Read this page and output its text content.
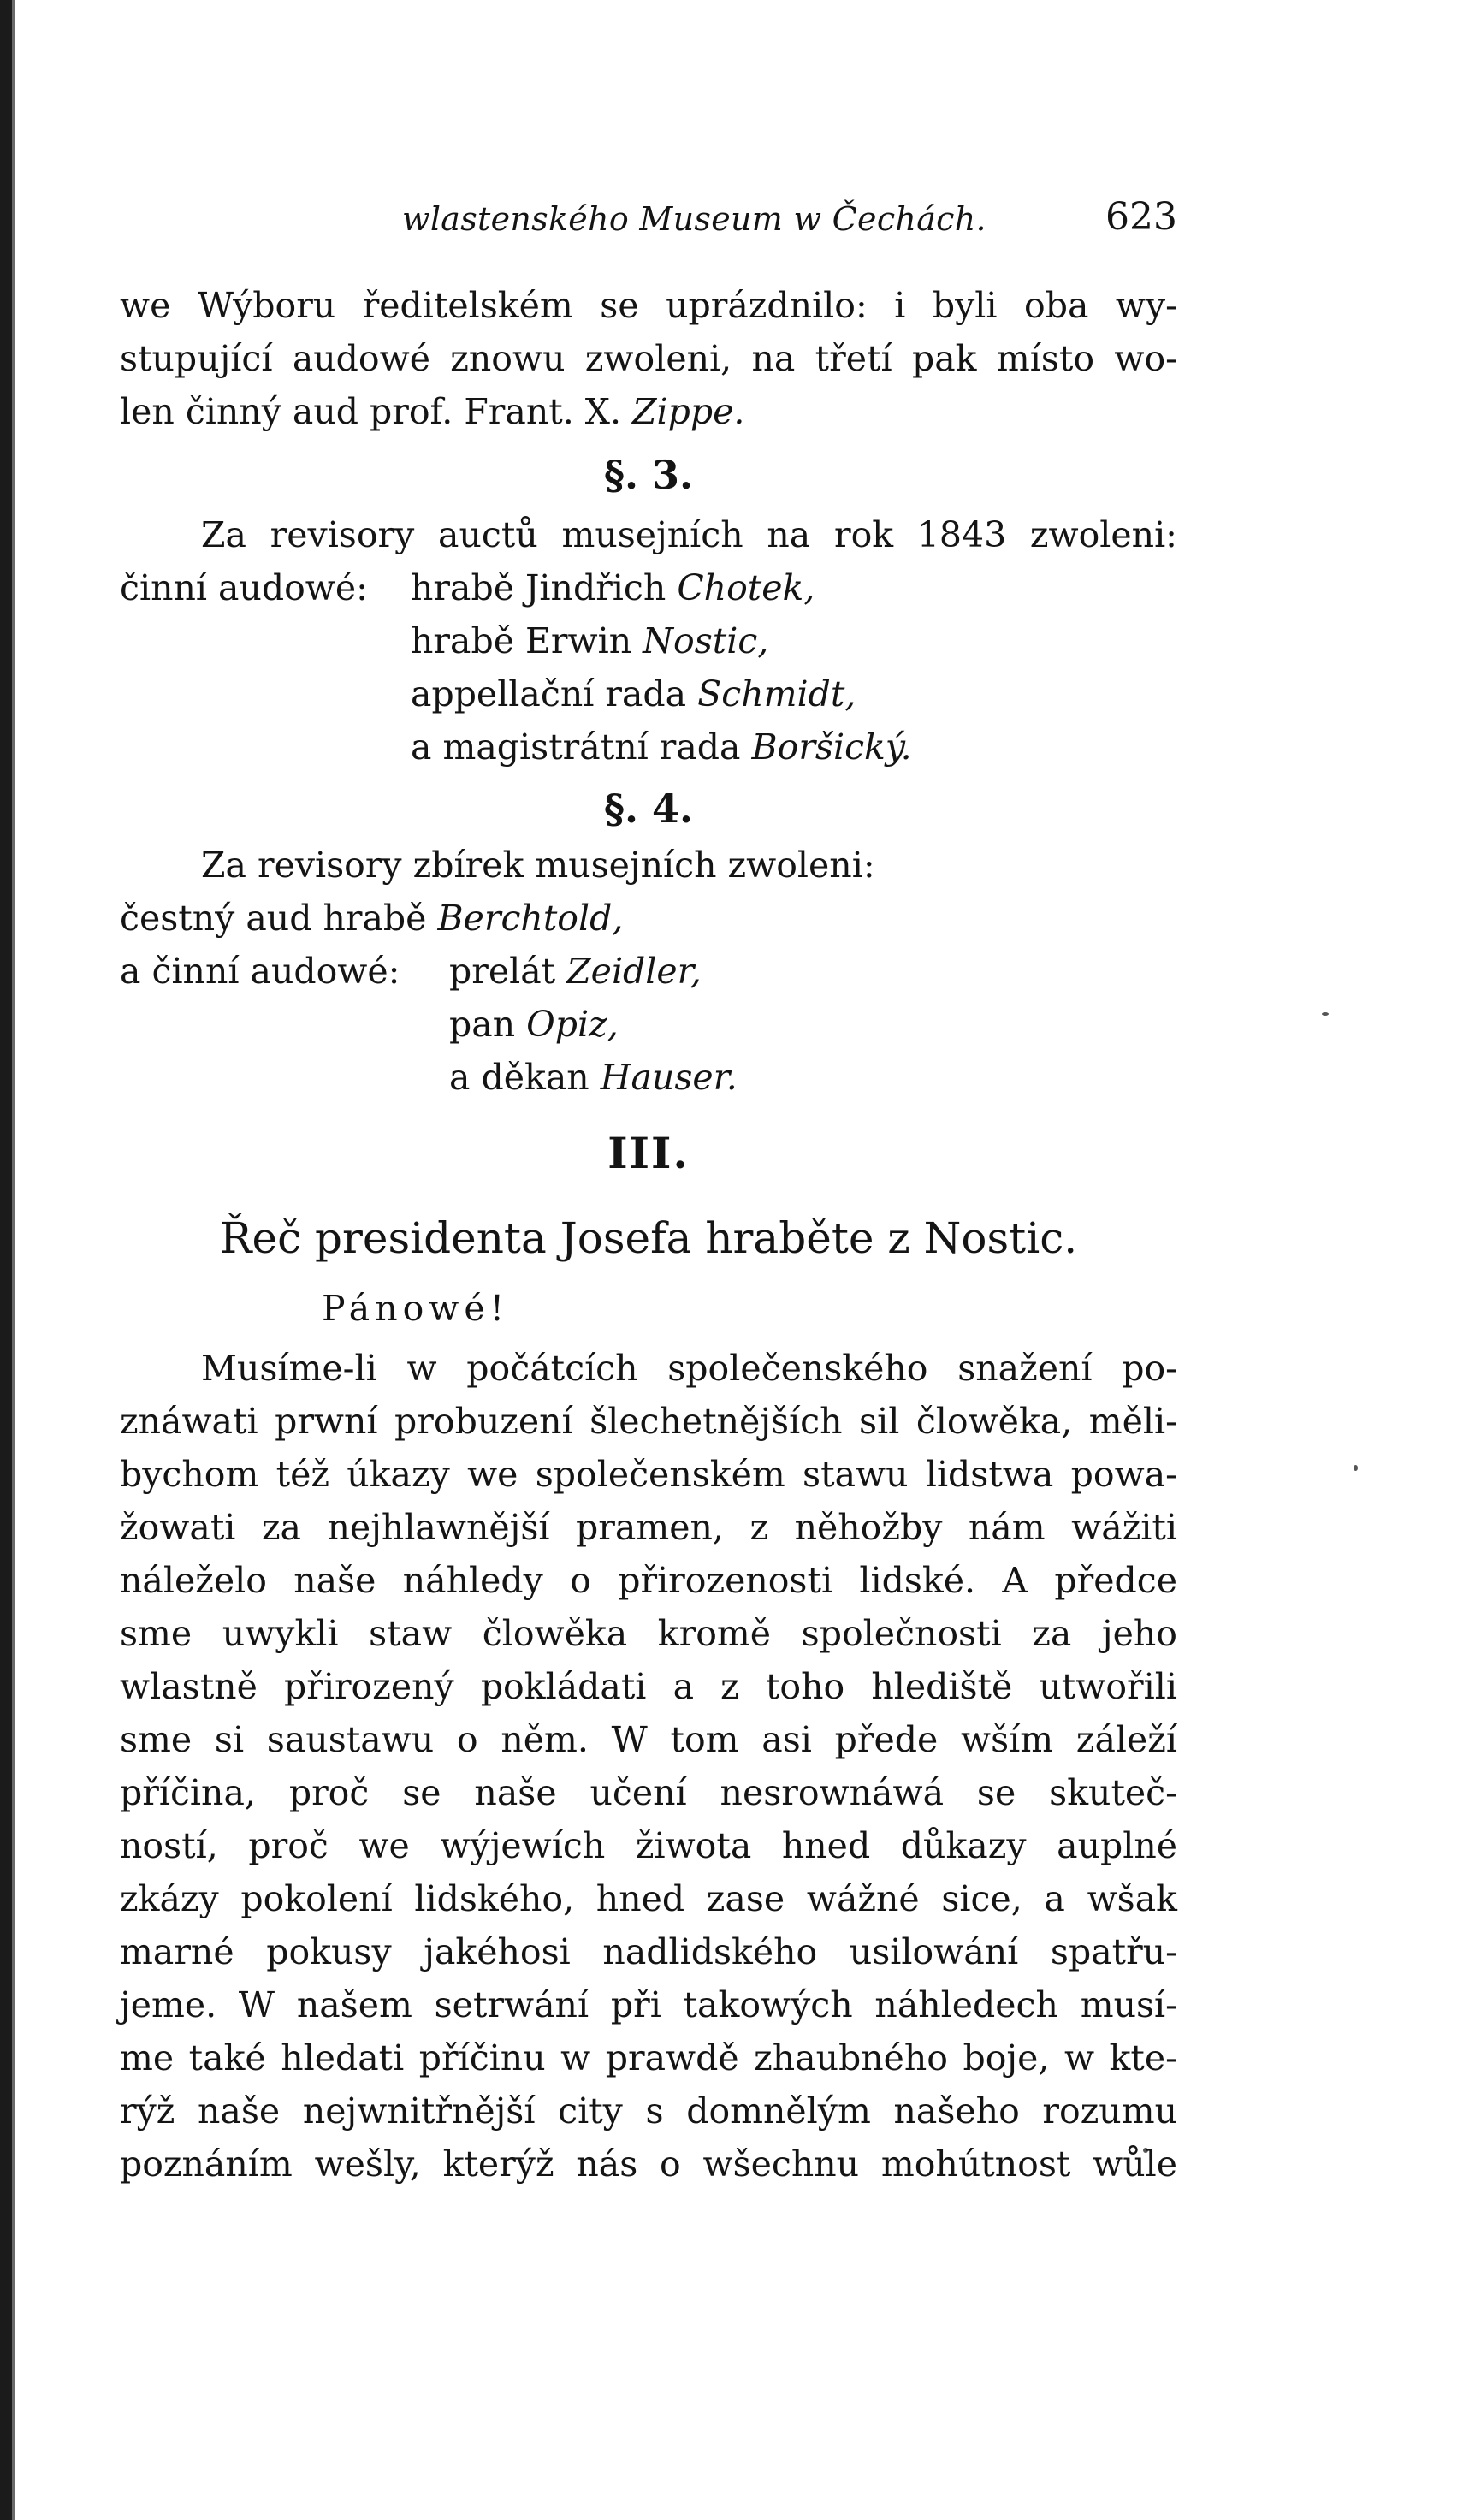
wlastenského Museum w Čechách.	623
we Wýboru ředitelském se uprázdnilo: i byli oba wy-
stupující audowé znowu zwoleni, na třetí pak místo wo-
len činný aud prof. Frant. X. Zippe.
§. 3.
Za revisory auctů musejních na rok 1843 zwoleni:
činní audowé: hrabě Jindřich Chotek,
hrabě Erwin Nostic,
appellační rada Schmidt,
a magistrátní rada Boršický.
§. 4.
Za revisory zbírek musejních zwoleni:
čestný aud hrabě Berchtold,
a činní audowé: prelát Zeidler,
pan Opiz,
a děkan Hauser.
III.
Řeč presidenta Josefa hraběte z Nostic.
Pánowé!
Musíme-li w počátcích společenského snažení po-
znáwati prwní probuzení šlechetnějších sil člowěka, měli-
bychom též úkazy we společenském stawu lidstwa powa-
žowati za nejhlawnější pramen, z něhožby nám wážiti
náleželo naše náhledy o přirozenosti lidské. A předce
sme uwykli staw člowěka kromě společnosti za jeho
wlastně přirozený pokládati a z toho hlediště utwořili
sme si saustawu o něm. W tom asi přede wším záleží
příčina, proč se naše učení nesrownáwá se skuteč-
ností, proč we wýjewích žiwota hned důkazy auplné
zkázy pokolení lidského, hned zase wážné sice, a wšak
marné pokusy jakéhosi nadlidského usilowání spatřu-
jeme. W našem setrwání při takowých náhledech musí-
me také hledati příčinu w prawdě zhaubného boje, w kte-
rýž naše nejwnitřnější city s domnělým našeho rozumu
poznáním wešly, kterýž nás o wšechnu mohútnost wůle
